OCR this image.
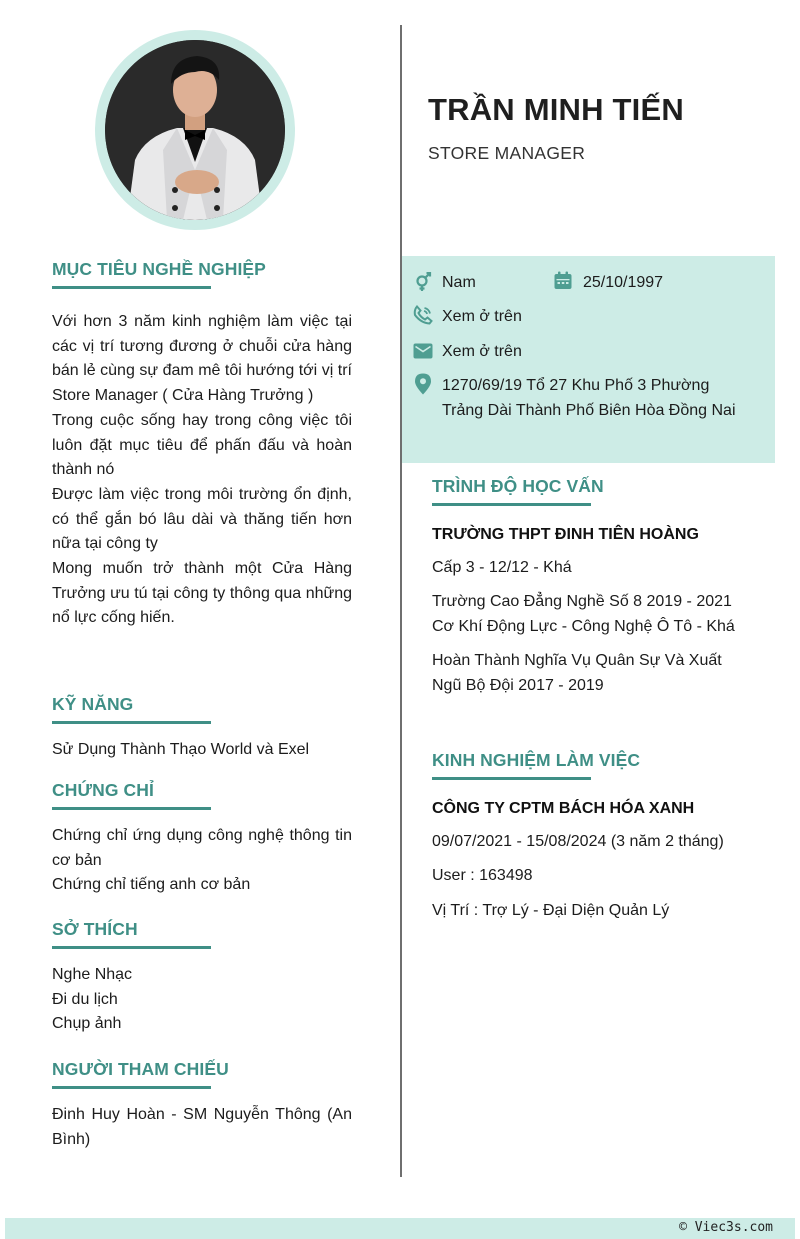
TRẦN MINH TIẾN
STORE MANAGER
Nam	25/10/1997
Xem ở trên
Xem ở trên
1270/69/19 Tổ 27 Khu Phố 3 Phường Trảng Dài Thành Phố Biên Hòa Đồng Nai
MỤC TIÊU NGHỀ NGHIỆP

Với hơn 3 năm kinh nghiệm làm việc tại các vị trí tương đương ở chuỗi cửa hàng bán lẻ cùng sự đam mê tôi hướng tới vị trí Store Manager ( Cửa Hàng Trưởng )

Trong cuộc sống hay trong công việc tôi luôn đặt mục tiêu để phấn đấu và hoàn thành nó

Được làm việc trong môi trường ổn định, có thể gắn bó lâu dài và thăng tiến hơn nữa tại công ty

Mong muốn trở thành một Cửa Hàng Trưởng ưu tú tại công ty thông qua những nổ lực cống hiến.

KỸ NĂNG
Sử Dụng Thành Thạo World và Exel
CHỨNG CHỈ
Chứng chỉ ứng dụng công nghệ thông tin cơ bản
Chứng chỉ tiếng anh cơ bản
SỞ THÍCH
Nghe Nhạc
Đi du lịch
Chụp ảnh
NGƯỜI THAM CHIẾU
Đinh Huy Hoàn - SM Nguyễn Thông (An Bình)
TRÌNH ĐỘ HỌC VẤN
TRƯỜNG THPT ĐINH TIÊN HOÀNG
Cấp 3 - 12/12 - Khá
Trường Cao Đẳng Nghề Số 8 2019 - 2021 Cơ Khí Động Lực - Công Nghệ Ô Tô - Khá
Hoàn Thành Nghĩa Vụ Quân Sự Và Xuất Ngũ Bộ Đội 2017 - 2019
KINH NGHIỆM LÀM VIỆC
CÔNG TY CPTM BÁCH HÓA XANH
09/07/2021 - 15/08/2024 (3 năm 2 tháng)
User : 163498
Vị Trí : Trợ Lý - Đại Diện Quản Lý
© Viec3s.com
